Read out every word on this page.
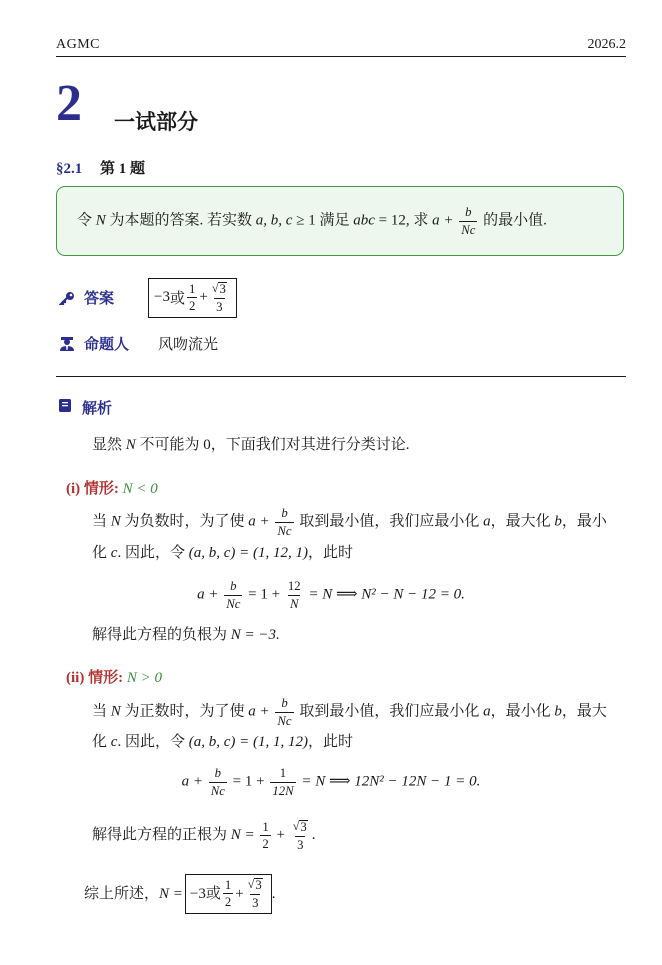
AGMC	2026.2
2 一试部分
§2.1 第 1 题
令 N 为本题的答案. 若实数 a, b, c ≥ 1 满足 abc = 12, 求 $a + \frac{b}{Nc}$ 的最小值.
答案	−3 或 $\frac{1}{2} + \frac{√ 3}{3}$
命题人	风吻流光
解析
显然 N 不可能为 0，下面我们对其进行分类讨论.
(i) 情形: N < 0
当 N 为负数时，为了使 $a + \frac{b}{Nc}$ 取到最小值，我们应最小化 a，最大化 b，最小
化 c. 因此，令 (a, b, c) = (1, 12, 1)，此时
$a + \frac{b}{Nc} = 1 + \frac{12}{N} = N$ ⟹ N² − N − 12 = 0.
解得此方程的负根为 N = −3.
(ii) 情形: N > 0
当 N 为正数时，为了使 $a + \frac{b}{Nc}$ 取到最小值，我们应最小化 a，最小化 b，最大
化 c. 因此，令 (a, b, c) = (1, 1, 12)，此时
$a + \frac{b}{Nc} = 1 + \frac{1}{12N} = N$ ⟹ 12N² − 12N − 1 = 0.
解得此方程的正根为 $N = \frac{1}{2} + \frac{√ 3}{3}$ .
综上所述， N = −3 或 $\frac{1}{2} + \frac{√ 3}{3}$ .
